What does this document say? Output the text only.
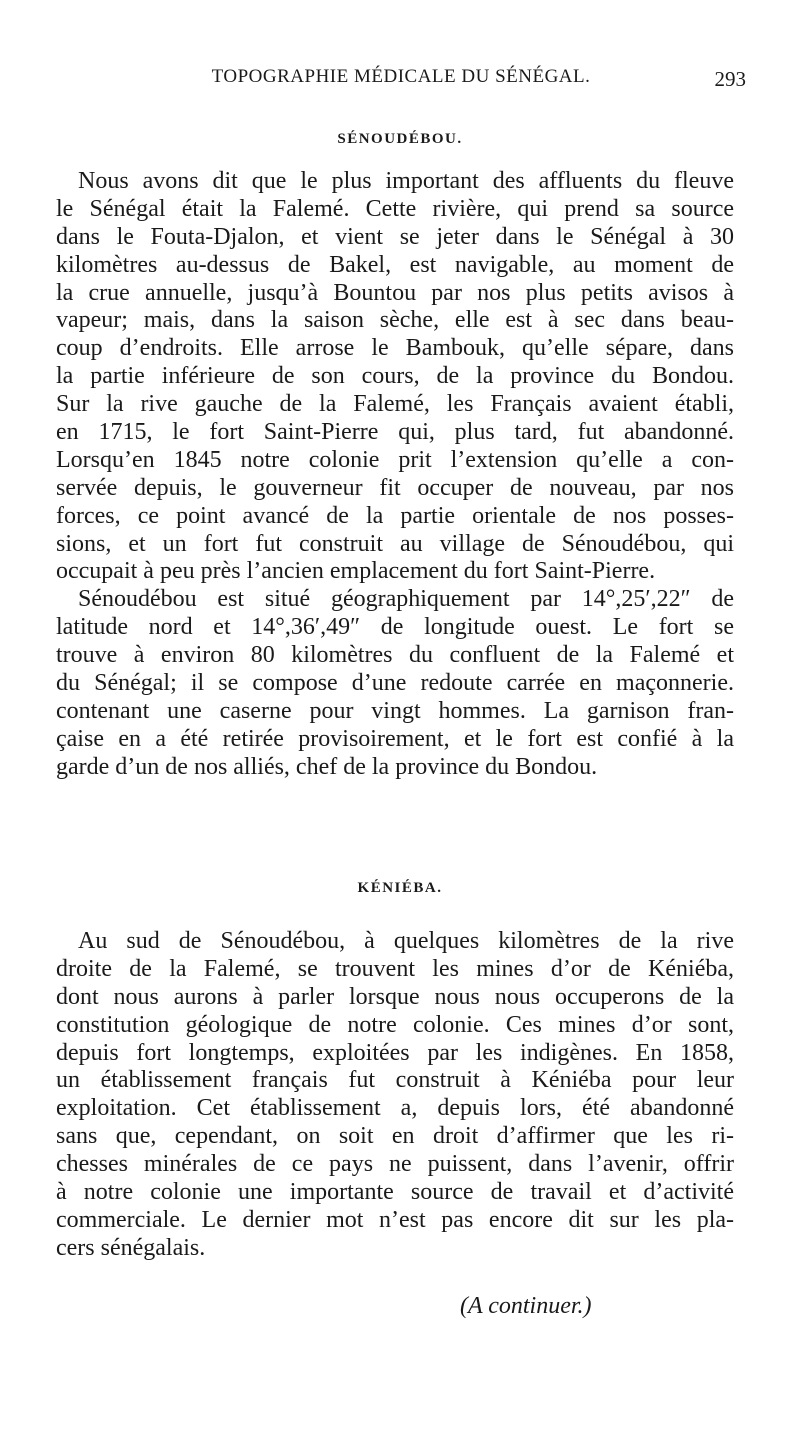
TOPOGRAPHIE MÉDICALE DU SÉNÉGAL.	293
SÉNOUDÉBOU.
Nous avons dit que le plus important des affluents du fleuve
le Sénégal était la Falemé. Cette rivière, qui prend sa source
dans le Fouta-Djalon, et vient se jeter dans le Sénégal à 30
kilomètres au-dessus de Bakel, est navigable, au moment de
la crue annuelle, jusqu’à Bountou par nos plus petits avisos à
vapeur; mais, dans la saison sèche, elle est à sec dans beau-
coup d’endroits. Elle arrose le Bambouk, qu’elle sépare, dans
la partie inférieure de son cours, de la province du Bondou.
Sur la rive gauche de la Falemé, les Français avaient établi,
en 1715, le fort Saint-Pierre qui, plus tard, fut abandonné.
Lorsqu’en 1845 notre colonie prit l’extension qu’elle a con-
servée depuis, le gouverneur fit occuper de nouveau, par nos
forces, ce point avancé de la partie orientale de nos posses-
sions, et un fort fut construit au village de Sénoudébou, qui
occupait à peu près l’ancien emplacement du fort Saint-Pierre.
Sénoudébou est situé géographiquement par 14°,25′,22″ de
latitude nord et 14°,36′,49″ de longitude ouest. Le fort se
trouve à environ 80 kilomètres du confluent de la Falemé et
du Sénégal; il se compose d’une redoute carrée en maçonnerie.
contenant une caserne pour vingt hommes. La garnison fran-
çaise en a été retirée provisoirement, et le fort est confié à la
garde d’un de nos alliés, chef de la province du Bondou.
KÉNIÉBA.
Au sud de Sénoudébou, à quelques kilomètres de la rive
droite de la Falemé, se trouvent les mines d’or de Kéniéba,
dont nous aurons à parler lorsque nous nous occuperons de la
constitution géologique de notre colonie. Ces mines d’or sont,
depuis fort longtemps, exploitées par les indigènes. En 1858,
un établissement français fut construit à Kéniéba pour leur
exploitation. Cet établissement a, depuis lors, été abandonné
sans que, cependant, on soit en droit d’affirmer que les ri-
chesses minérales de ce pays ne puissent, dans l’avenir, offrir
à notre colonie une importante source de travail et d’activité
commerciale. Le dernier mot n’est pas encore dit sur les pla-
cers sénégalais.
(A continuer.)
